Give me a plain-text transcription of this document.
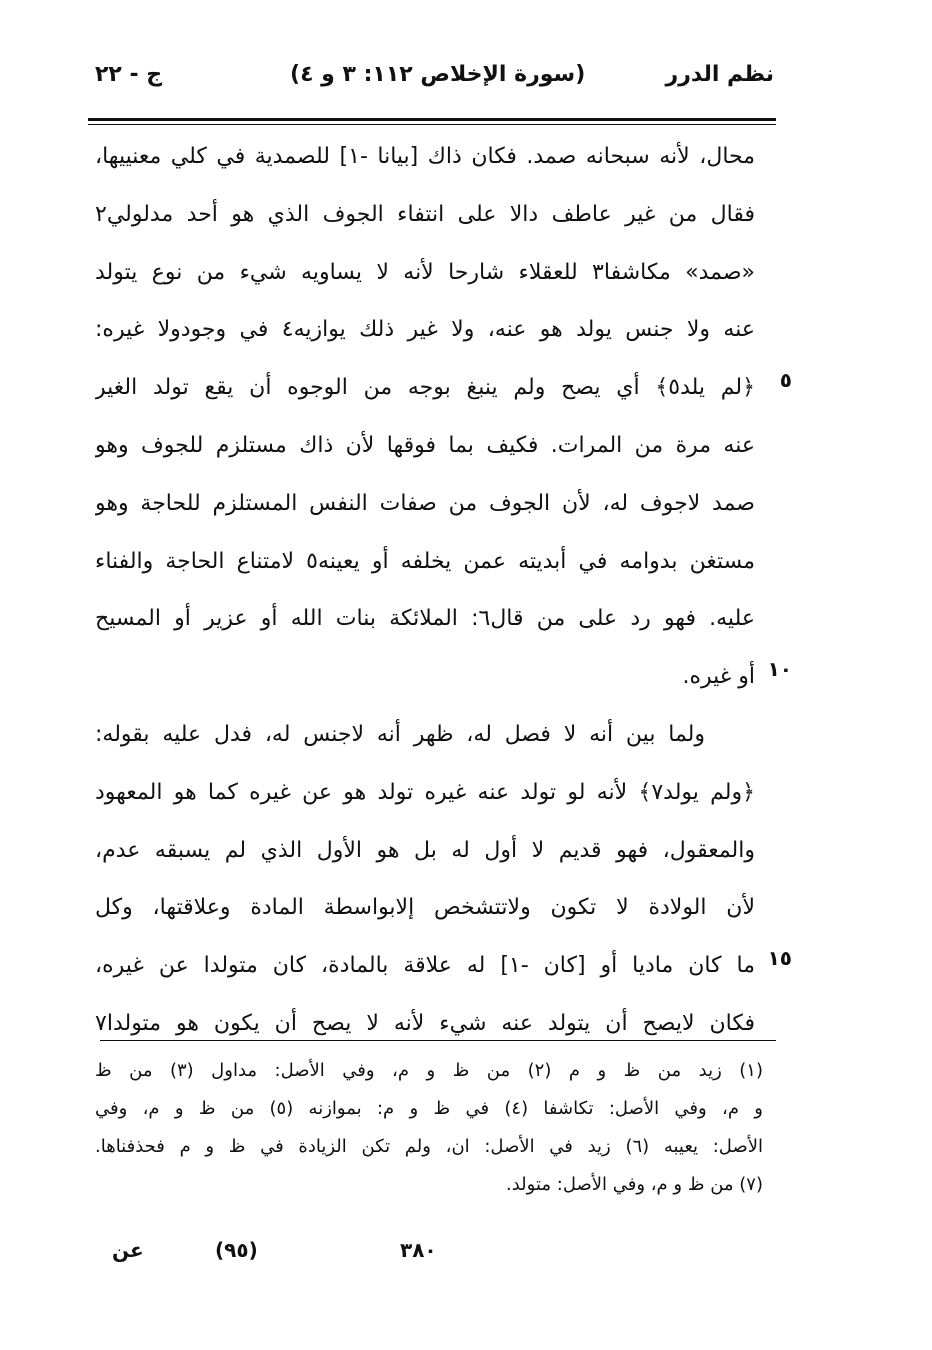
نظم الدرر
(سورة الإخلاص ١١٢: ٣ و ٤)
ج - ٢٢
محال، لأنه سبحانه صمد. فكان ذاك [بيانا -١] للصمدية في كلي معنييها،
فقال من غير عاطف دالا على انتفاء الجوف الذي هو أحد مدلولي٢
«صمد» مكاشفا٣ للعقلاء شارحا لأنه لا يساويه شيء من نوع يتولد
عنه ولا جنس يولد هو عنه، ولا غير ذلك يوازيه٤ في وجودولا غيره:
﴿لم يلد٥﴾ أي يصح ولم ينبغ بوجه من الوجوه أن يقع تولد الغير
عنه مرة من المرات. فكيف بما فوقها لأن ذاك مستلزم للجوف وهو
صمد لاجوف له، لأن الجوف من صفات النفس المستلزم للحاجة وهو
مستغن بدوامه في أبديته عمن يخلفه أو يعينه٥ لامتناع الحاجة والفناء
عليه. فهو رد على من قال٦: الملائكة بنات الله أو عزير أو المسيح
أو غيره.
ولما بين أنه لا فصل له، ظهر أنه لاجنس له، فدل عليه بقوله:
﴿ولم يولد٧﴾ لأنه لو تولد عنه غيره تولد هو عن غيره كما هو المعهود
والمعقول، فهو قديم لا أول له بل هو الأول الذي لم يسبقه عدم،
لأن الولادة لا تكون ولاتتشخص إلابواسطة المادة وعلاقتها، وكل
ما كان ماديا أو [كان -١] له علاقة بالمادة، كان متولدا عن غيره،
فكان لايصح أن يتولد عنه شيء لأنه لا يصح أن يكون هو متولدا٧
٥
١٠
١٥
(١) زيد من ظ و م (٢) من ظ و م، وفي الأصل: مداول (٣) من ظ
و م، وفي الأصل: تكاشفا (٤) في ظ و م: بموازنه (٥) من ظ و م، وفي
الأصل: يعيبه (٦) زيد في الأصل: ان، ولم تكن الزيادة في ظ و م فحذفناها.
(٧) من ظ و م، وفي الأصل: متولد.
عن	(٩٥)	٣٨٠
